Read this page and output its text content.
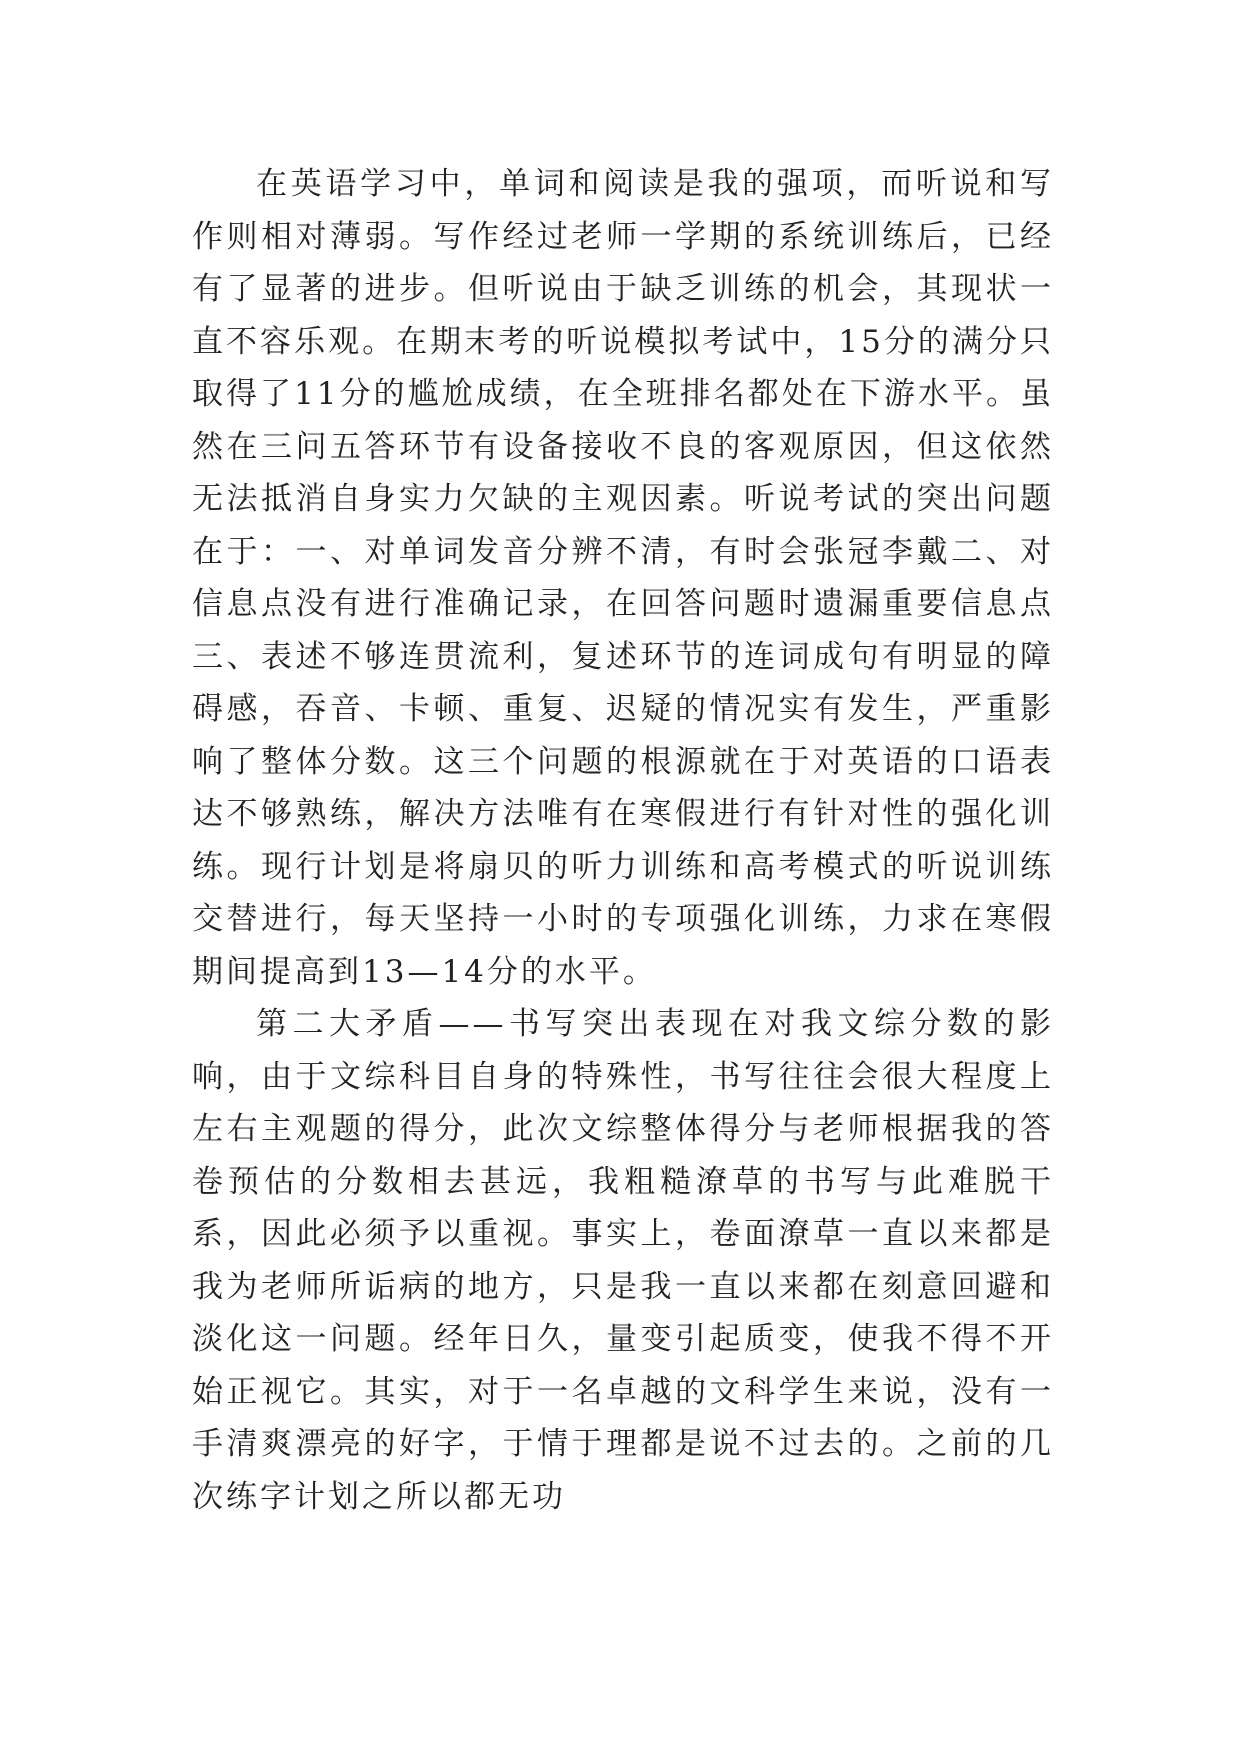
在英语学习中，单词和阅读是我的强项，而听说和写作则相对薄弱。写作经过老师一学期的系统训练后，已经有了显著的进步。但听说由于缺乏训练的机会，其现状一直不容乐观。在期末考的听说模拟考试中，15分的满分只取得了11分的尴尬成绩，在全班排名都处在下游水平。虽然在三问五答环节有设备接收不良的客观原因，但这依然无法抵消自身实力欠缺的主观因素。听说考试的突出问题在于：一、对单词发音分辨不清，有时会张冠李戴二、对信息点没有进行准确记录，在回答问题时遗漏重要信息点三、表述不够连贯流利，复述环节的连词成句有明显的障碍感，吞音、卡顿、重复、迟疑的情况实有发生，严重影响了整体分数。这三个问题的根源就在于对英语的口语表达不够熟练，解决方法唯有在寒假进行有针对性的强化训练。现行计划是将扇贝的听力训练和高考模式的听说训练交替进行，每天坚持一小时的专项强化训练，力求在寒假期间提高到13—14分的水平。

第二大矛盾——书写突出表现在对我文综分数的影响，由于文综科目自身的特殊性，书写往往会很大程度上左右主观题的得分，此次文综整体得分与老师根据我的答卷预估的分数相去甚远，我粗糙潦草的书写与此难脱干系，因此必须予以重视。事实上，卷面潦草一直以来都是我为老师所诟病的地方，只是我一直以来都在刻意回避和淡化这一问题。经年日久，量变引起质变，使我不得不开始正视它。其实，对于一名卓越的文科学生来说，没有一手清爽漂亮的好字，于情于理都是说不过去的。之前的几次练字计划之所以都无功
